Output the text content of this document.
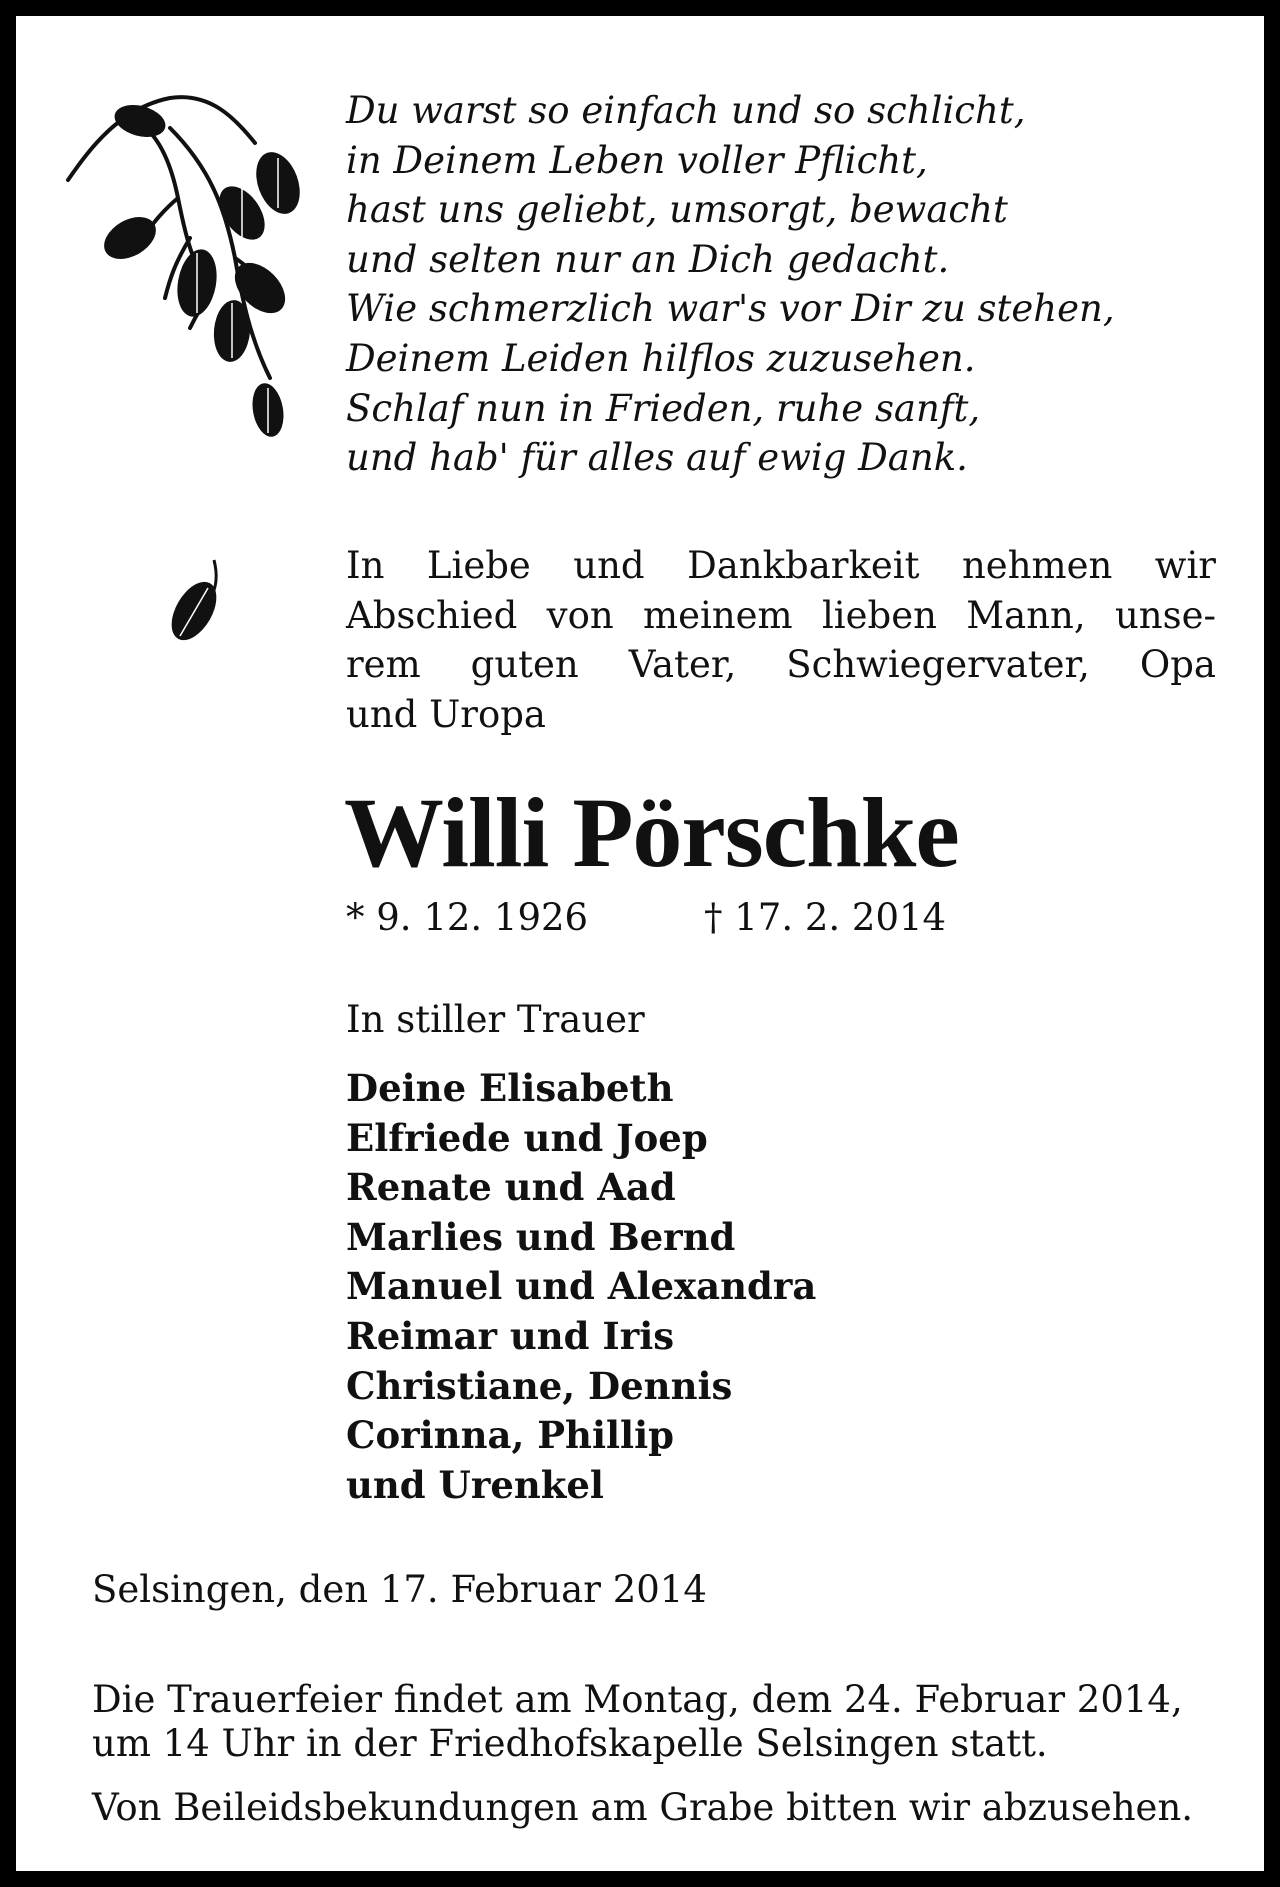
Du warst so einfach und so schlicht,
in Deinem Leben voller Pflicht,
hast uns geliebt, umsorgt, bewacht
und selten nur an Dich gedacht.
Wie schmerzlich war's vor Dir zu stehen,
Deinem Leiden hilflos zuzusehen.
Schlaf nun in Frieden, ruhe sanft,
und hab' für alles auf ewig Dank.
In Liebe und Dankbarkeit nehmen wir
Abschied von meinem lieben Mann, unse-
rem guten Vater, Schwiegervater, Opa
und Uropa
Willi Pörschke
* 9. 12. 1926	† 17. 2. 2014
In stiller Trauer
Deine Elisabeth
Elfriede und Joep
Renate und Aad
Marlies und Bernd
Manuel und Alexandra
Reimar und Iris
Christiane, Dennis
Corinna, Phillip
und Urenkel
Selsingen, den 17. Februar 2014
Die Trauerfeier findet am Montag, dem 24. Februar 2014,
um 14 Uhr in der Friedhofskapelle Selsingen statt.
Von Beileidsbekundungen am Grabe bitten wir abzusehen.
